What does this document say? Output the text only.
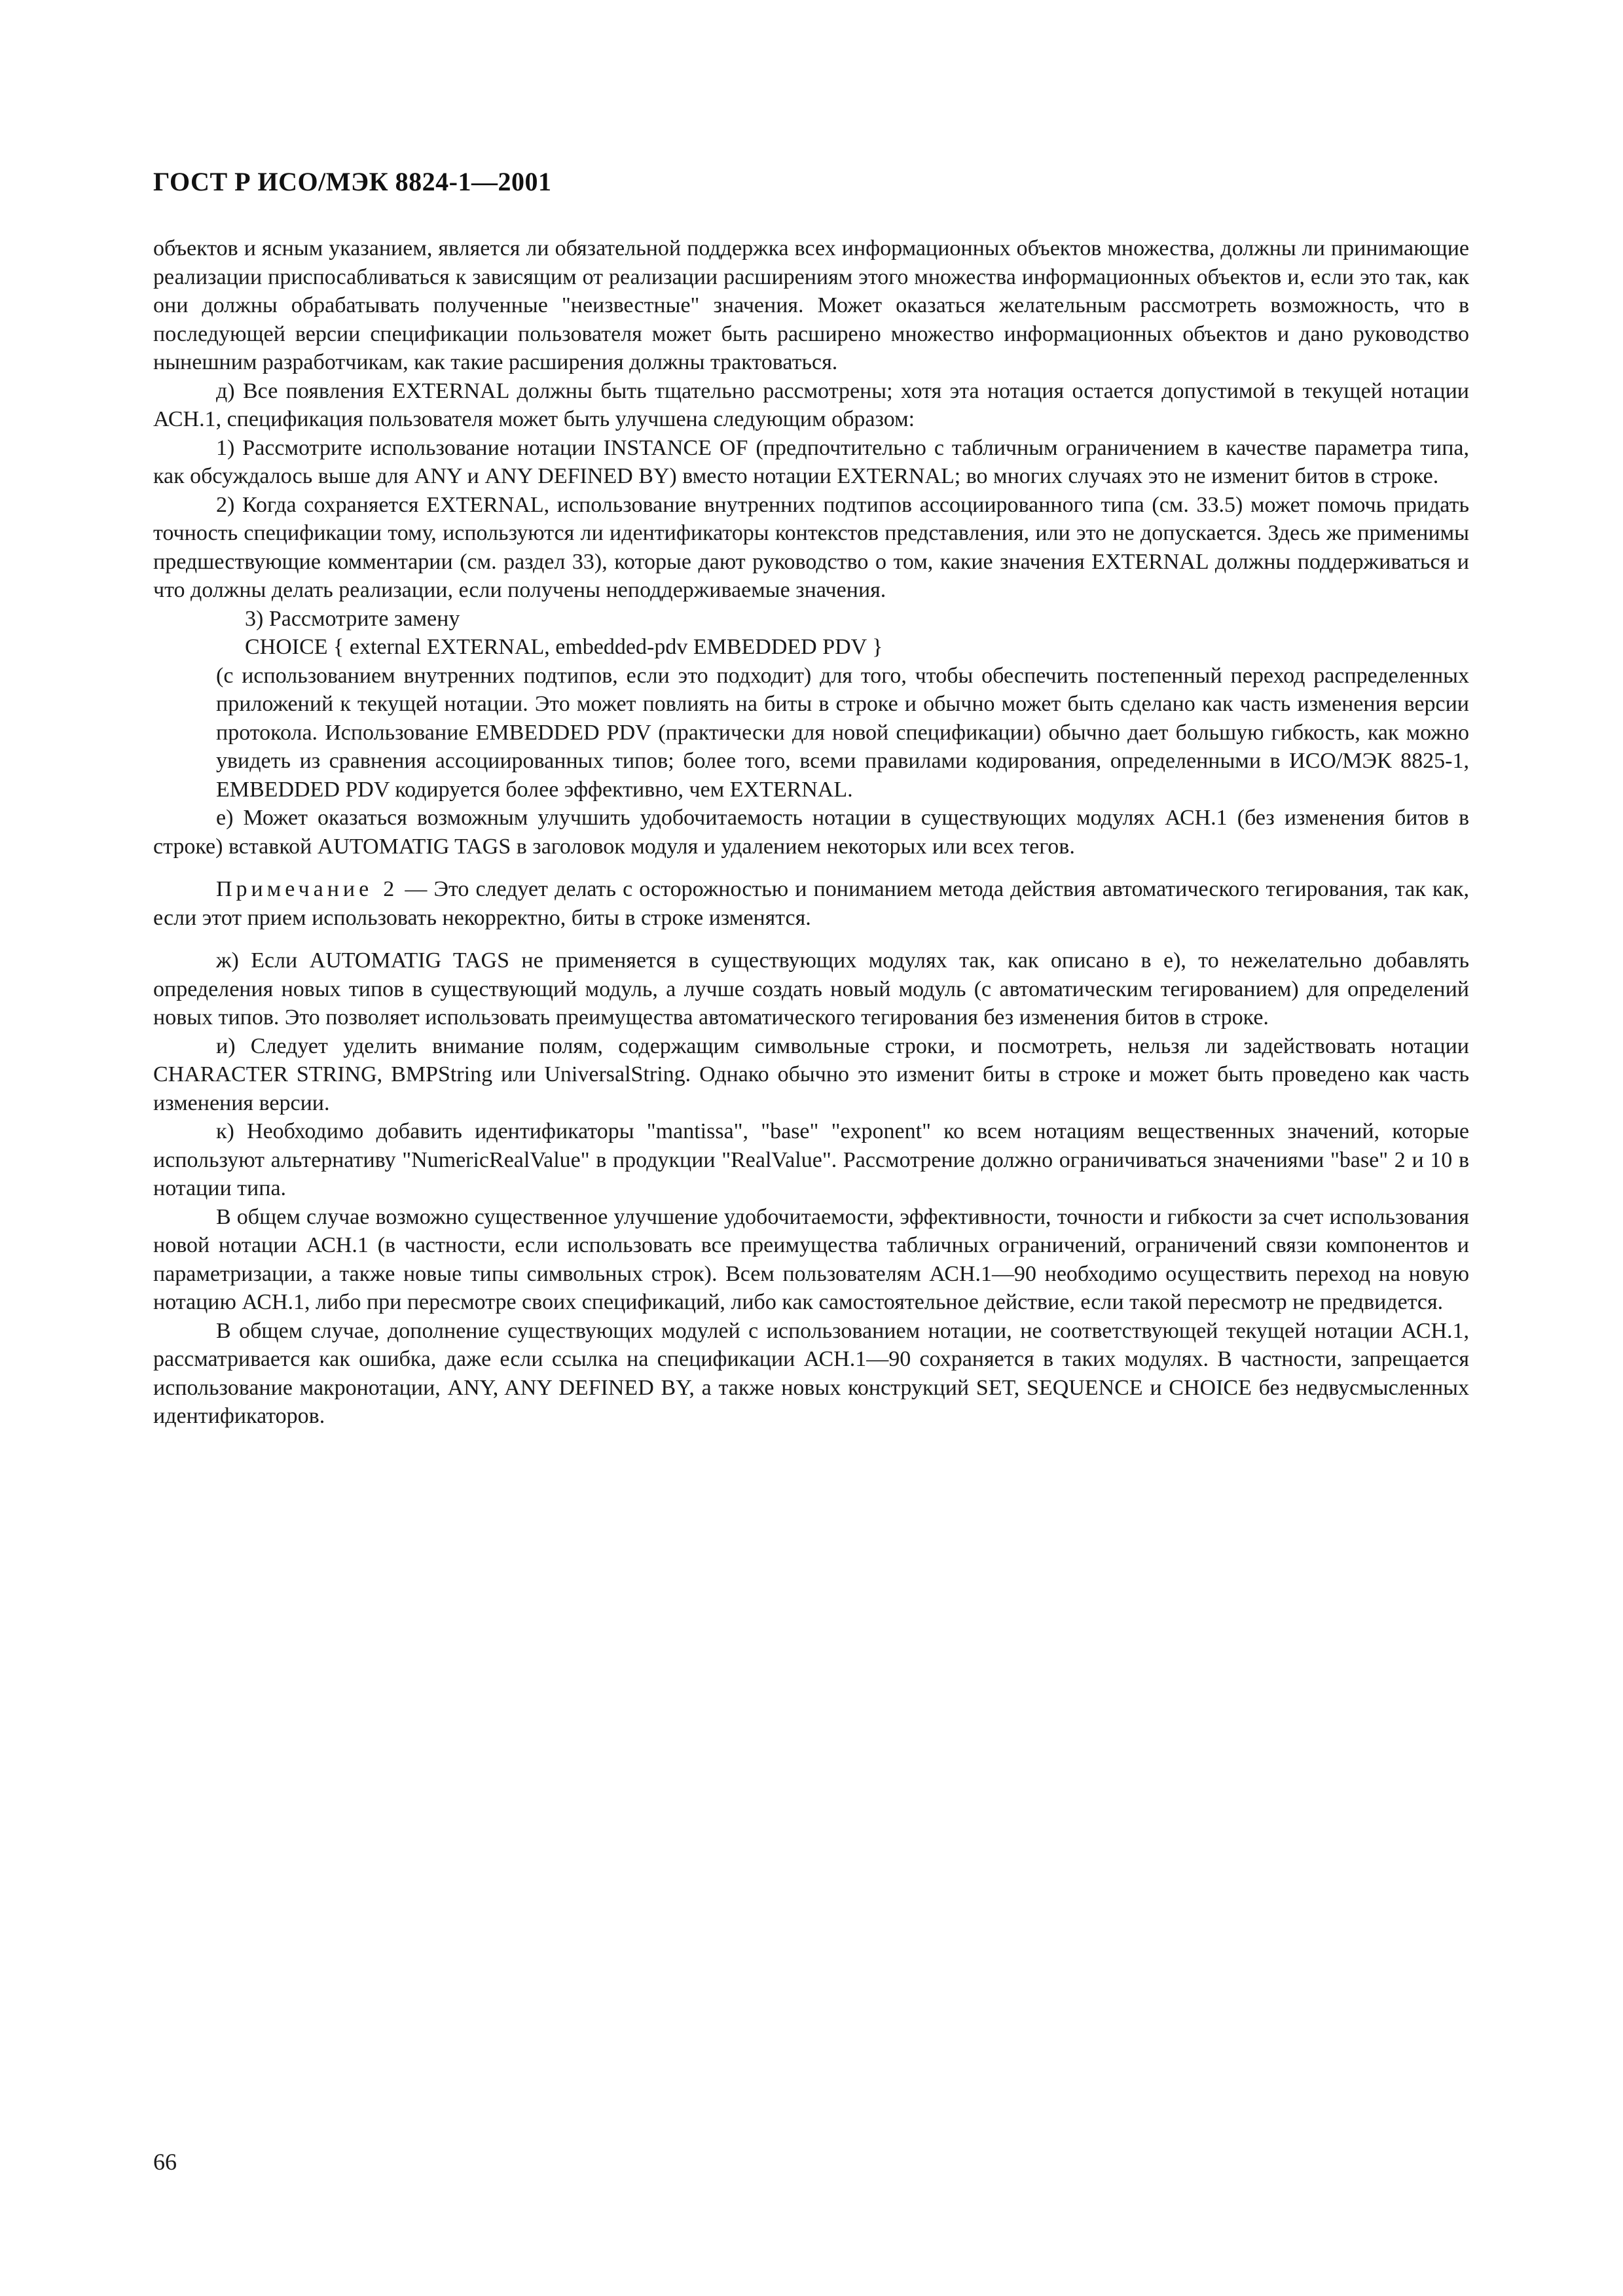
ГОСТ Р ИСО/МЭК 8824-1—2001

объектов и ясным указанием, является ли обязательной поддержка всех информационных объектов множества, должны ли принимающие реализации приспосабливаться к зависящим от реализации расширениям этого множества информационных объектов и, если это так, как они должны обрабатывать полученные "неизвестные" значения. Может оказаться желательным рассмотреть возможность, что в последующей версии спецификации пользователя может быть расширено множество информационных объектов и дано руководство нынешним разработчикам, как такие расширения должны трактоваться.

д) Все появления EXTERNAL должны быть тщательно рассмотрены; хотя эта нотация остается допустимой в текущей нотации АСН.1, спецификация пользователя может быть улучшена следующим образом:

1) Рассмотрите использование нотации INSTANCE OF (предпочтительно с табличным ограничением в качестве параметра типа, как обсуждалось выше для ANY и ANY DEFINED BY) вместо нотации EXTERNAL; во многих случаях это не изменит битов в строке.

2) Когда сохраняется EXTERNAL, использование внутренних подтипов ассоциированного типа (см. 33.5) может помочь придать точность спецификации тому, используются ли идентификаторы контекстов представления, или это не допускается. Здесь же применимы предшествующие комментарии (см. раздел 33), которые дают руководство о том, какие значения EXTERNAL должны поддерживаться и что должны делать реализации, если получены неподдерживаемые значения.

3) Рассмотрите замену

CHOICE { external EXTERNAL, embedded-pdv EMBEDDED PDV }

(с использованием внутренних подтипов, если это подходит) для того, чтобы обеспечить постепенный переход распределенных приложений к текущей нотации. Это может повлиять на биты в строке и обычно может быть сделано как часть изменения версии протокола. Использование EMBEDDED PDV (практически для новой спецификации) обычно дает большую гибкость, как можно увидеть из сравнения ассоциированных типов; более того, всеми правилами кодирования, определенными в ИСО/МЭК 8825-1, EMBEDDED PDV кодируется более эффективно, чем EXTERNAL.

е) Может оказаться возможным улучшить удобочитаемость нотации в существующих модулях АСН.1 (без изменения битов в строке) вставкой AUTOMATIG TAGS в заголовок модуля и удалением некоторых или всех тегов.

Примечание 2 — Это следует делать с осторожностью и пониманием метода действия автоматического тегирования, так как, если этот прием использовать некорректно, биты в строке изменятся.

ж) Если AUTOMATIG TAGS не применяется в существующих модулях так, как описано в е), то нежелательно добавлять определения новых типов в существующий модуль, а лучше создать новый модуль (с автоматическим тегированием) для определений новых типов. Это позволяет использовать преимущества автоматического тегирования без изменения битов в строке.

и) Следует уделить внимание полям, содержащим символьные строки, и посмотреть, нельзя ли задействовать нотации CHARACTER STRING, BMPString или UniversalString. Однако обычно это изменит биты в строке и может быть проведено как часть изменения версии.

к) Необходимо добавить идентификаторы "mantissa", "base" "exponent" ко всем нотациям вещественных значений, которые используют альтернативу "NumericRealValue" в продукции "RealValue". Рассмотрение должно ограничиваться значениями "base" 2 и 10 в нотации типа.

В общем случае возможно существенное улучшение удобочитаемости, эффективности, точности и гибкости за счет использования новой нотации АСН.1 (в частности, если использовать все преимущества табличных ограничений, ограничений связи компонентов и параметризации, а также новые типы символьных строк). Всем пользователям АСН.1—90 необходимо осуществить переход на новую нотацию АСН.1, либо при пересмотре своих спецификаций, либо как самостоятельное действие, если такой пересмотр не предвидется.

В общем случае, дополнение существующих модулей с использованием нотации, не соответствующей текущей нотации АСН.1, рассматривается как ошибка, даже если ссылка на спецификации АСН.1—90 сохраняется в таких модулях. В частности, запрещается использование макронотации, ANY, ANY DEFINED BY, а также новых конструкций SET, SEQUENCE и CHOICE без недвусмысленных идентификаторов.

66
